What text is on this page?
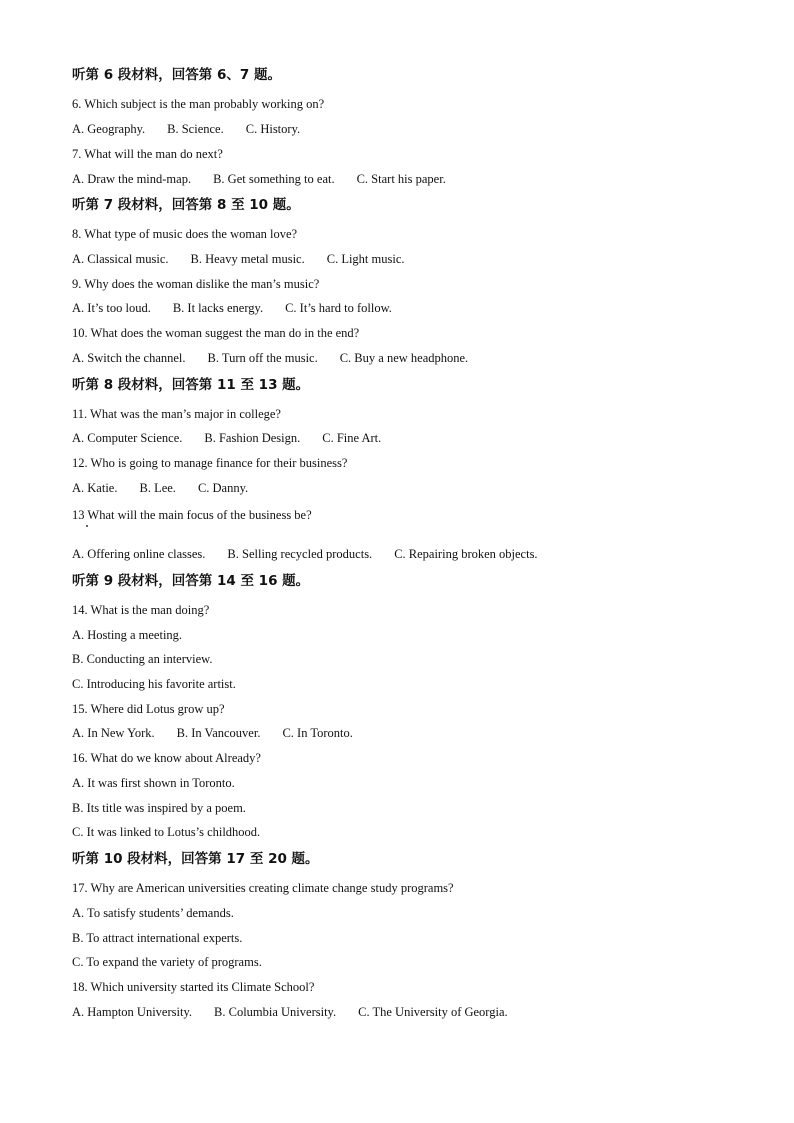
听第 6 段材料，回答第 6、7 题。
6. Which subject is the man probably working on?
A. Geography. B. Science. C. History.
7. What will the man do next?
A. Draw the mind-map. B. Get something to eat. C. Start his paper.
听第 7 段材料，回答第 8 至 10 题。
8. What type of music does the woman love?
A. Classical music. B. Heavy metal music. C. Light music.
9. Why does the woman dislike the man’s music?
A. It’s too loud. B. It lacks energy. C. It’s hard to follow.
10. What does the woman suggest the man do in the end?
A. Switch the channel. B. Turn off the music. C. Buy a new headphone.
听第 8 段材料，回答第 11 至 13 题。
11. What was the man’s major in college?
A. Computer Science. B. Fashion Design. C. Fine Art.
12. Who is going to manage finance for their business?
A. Katie. B. Lee. C. Danny.
13 What will the main focus of the business be?
A. Offering online classes. B. Selling recycled products. C. Repairing broken objects.
听第 9 段材料，回答第 14 至 16 题。
14. What is the man doing?
A. Hosting a meeting.
B. Conducting an interview.
C. Introducing his favorite artist.
15. Where did Lotus grow up?
A. In New York. B. In Vancouver. C. In Toronto.
16. What do we know about Already?
A. It was first shown in Toronto.
B. Its title was inspired by a poem.
C. It was linked to Lotus’s childhood.
听第 10 段材料，回答第 17 至 20 题。
17. Why are American universities creating climate change study programs?
A. To satisfy students’ demands.
B. To attract international experts.
C. To expand the variety of programs.
18. Which university started its Climate School?
A. Hampton University. B. Columbia University. C. The University of Georgia.
